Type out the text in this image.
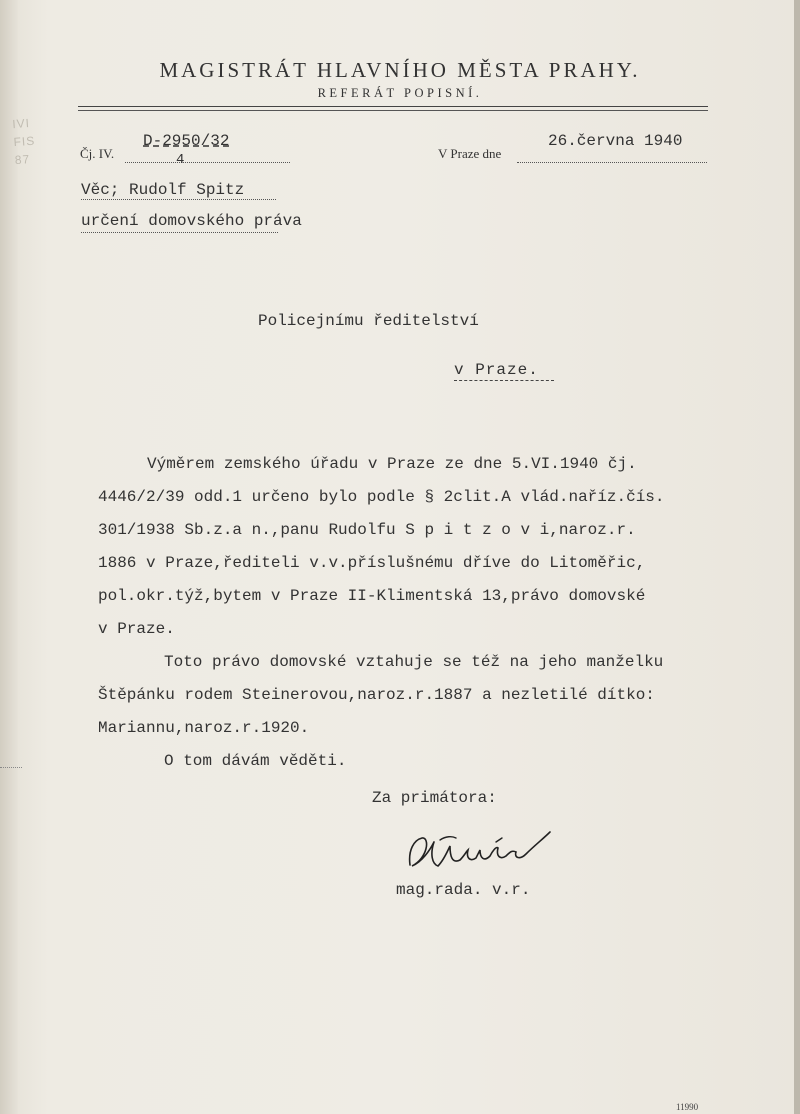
MAGISTRÁT HLAVNÍHO MĚSTA PRAHY.
REFERÁT POPISNÍ.
IVI
FIS
87	Čj. IV.
D-2950/32
4	V Praze dne
26.června 1940
Věc; Rudolf Spitz
určení domovského práva
Policejnímu ředitelství
v Praze.
Výměrem zemského úřadu v Praze ze dne 5.VI.1940 čj.
4446/2/39 odd.1 určeno bylo podle § 2clit.A vlád.naříz.čís.
301/1938 Sb.z.a n.,panu Rudolfu S p i t z o v i,naroz.r.
1886 v Praze,řediteli v.v.příslušnému dříve do Litoměřic,
pol.okr.týž,bytem v Praze II-Klimentská 13,právo domovské
v Praze.
Toto právo domovské vztahuje se též na jeho manželku
Štěpánku rodem Steinerovou,naroz.r.1887 a nezletilé dítko:
Mariannu,naroz.r.1920.
O tom dávám věděti.
Za primátora:
mag.rada. v.r.
11990
